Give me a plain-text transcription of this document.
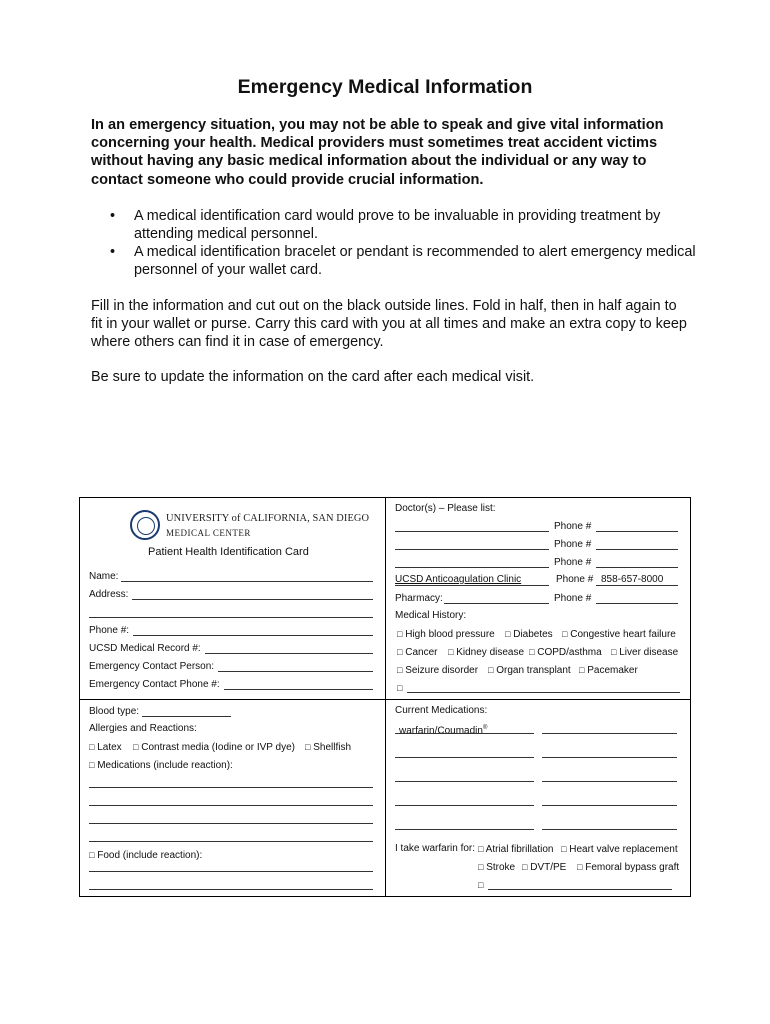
Emergency Medical Information
In an emergency situation, you may not be able to speak and give vital information concerning your health. Medical providers must sometimes treat accident victims without having any basic medical information about the individual or any way to contact someone who could provide crucial information.
• A medical identification card would prove to be invaluable in providing treatment by attending medical personnel.
• A medical identification bracelet or pendant is recommended to alert emergency medical personnel of your wallet card.
Fill in the information and cut out on the black outside lines. Fold in half, then in half again to fit in your wallet or purse. Carry this card with you at all times and make an extra copy to keep where others can find it in case of emergency.
Be sure to update the information on the card after each medical visit.
UNIVERSITY of CALIFORNIA, SAN DIEGO
MEDICAL CENTER
Patient Health Identification Card
Name:
Address:
Phone #:
UCSD Medical Record #:
Emergency Contact Person:
Emergency Contact Phone #:
Blood type:
Allergies and Reactions:
□ Latex □ Contrast media (Iodine or IVP dye) □ Shellfish
□ Medications (include reaction):
□ Food (include reaction):
Doctor(s) – Please list:
Phone #
Phone #
Phone #
UCSD Anticoagulation Clinic	Phone # 858-657-8000
Pharmacy:	Phone #
Medical History:
□ High blood pressure □ Diabetes □ Congestive heart failure
□ Cancer □ Kidney disease □ COPD/asthma □ Liver disease
□ Seizure disorder □ Organ transplant □ Pacemaker
□
Current Medications:
warfarin/Coumadin®
I take warfarin for: □ Atrial fibrillation □ Heart valve replacement
□ Stroke □ DVT/PE □ Femoral bypass graft
□
